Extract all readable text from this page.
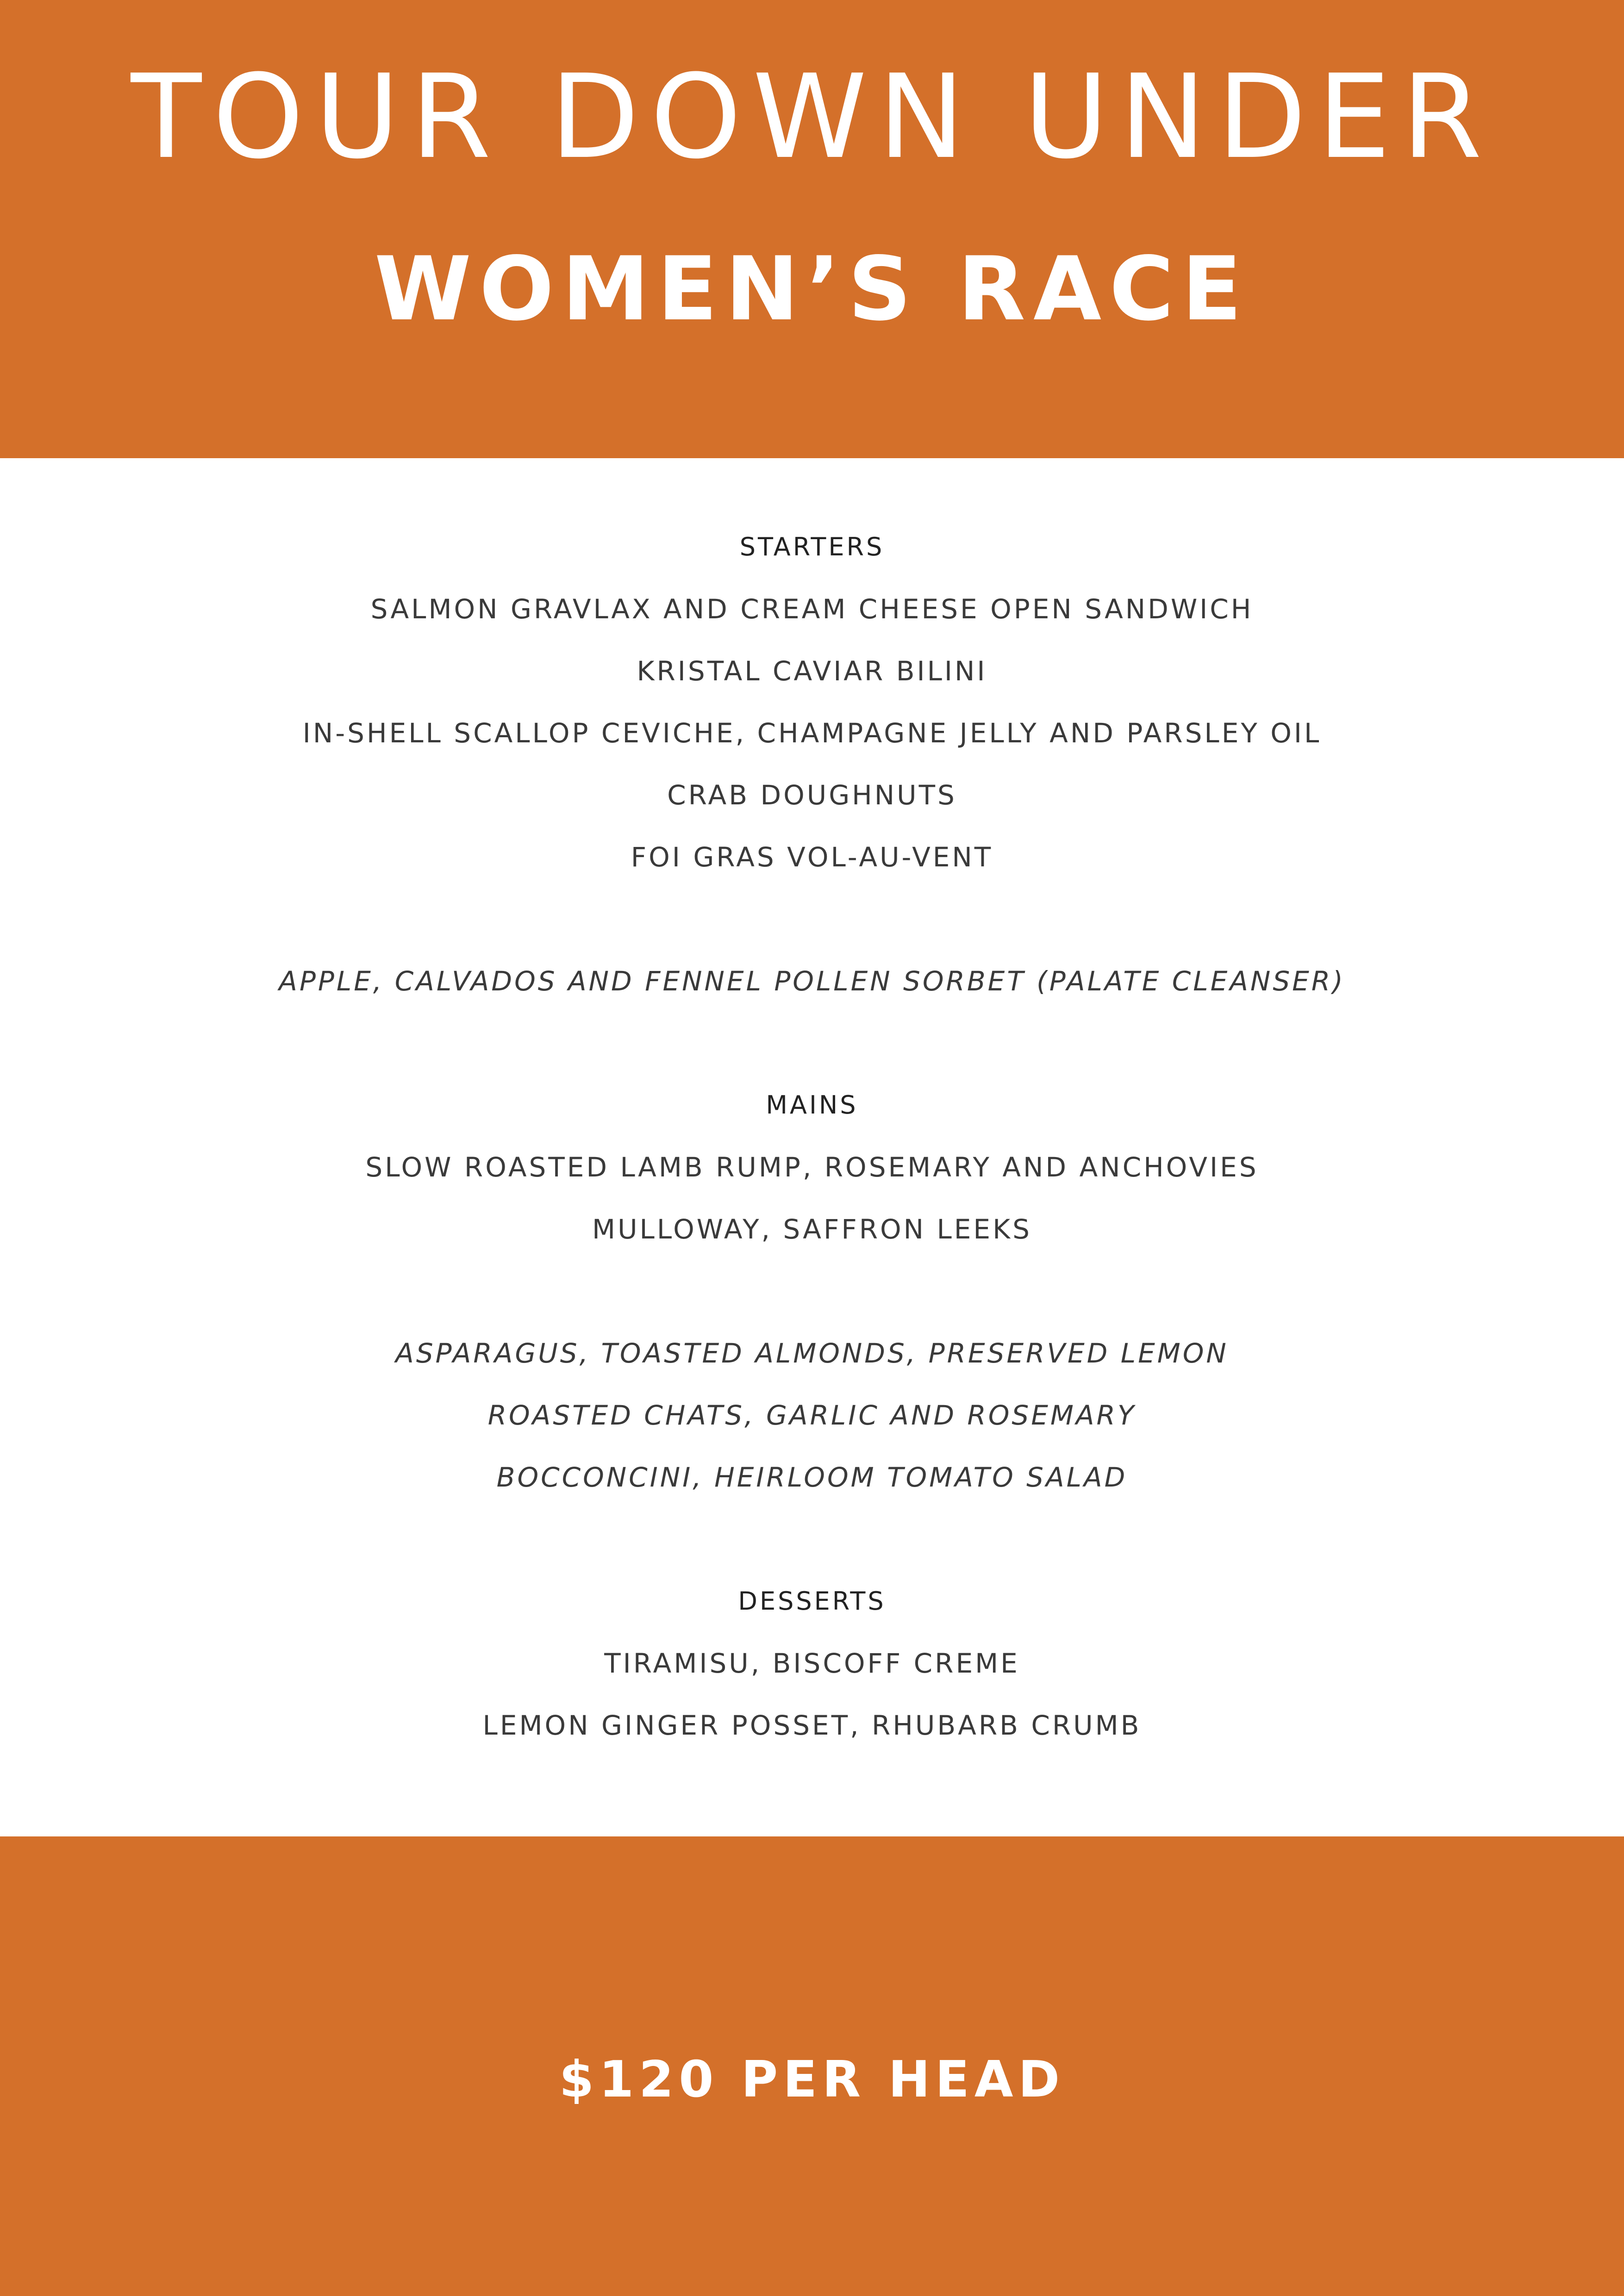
TOUR DOWN UNDER
WOMEN’S RACE
STARTERS
SALMON GRAVLAX AND CREAM CHEESE OPEN SANDWICH
KRISTAL CAVIAR BILINI
IN-SHELL SCALLOP CEVICHE, CHAMPAGNE JELLY AND PARSLEY OIL
CRAB DOUGHNUTS
FOI GRAS VOL-AU-VENT
APPLE, CALVADOS AND FENNEL POLLEN SORBET (PALATE CLEANSER)
MAINS
SLOW ROASTED LAMB RUMP, ROSEMARY AND ANCHOVIES
MULLOWAY, SAFFRON LEEKS
ASPARAGUS, TOASTED ALMONDS, PRESERVED LEMON
ROASTED CHATS, GARLIC AND ROSEMARY
BOCCONCINI, HEIRLOOM TOMATO SALAD
DESSERTS
TIRAMISU, BISCOFF CREME
LEMON GINGER POSSET, RHUBARB CRUMB
$120 PER HEAD
